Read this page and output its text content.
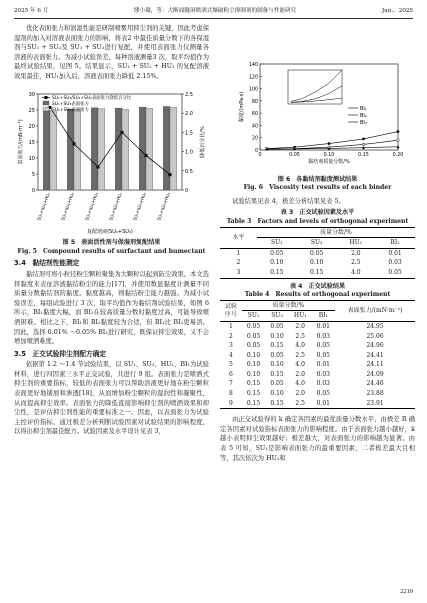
2025 年 6 月	缪小凝，等：大断面隧洞喷洒式爆破粉尘抑制剂的制备与性能研究	Jun.，2025

优化表面张力和润湿性能是研制喷雾用抑尘剂的关键，因此考虑保湿剂的加入对溶液表面张力的影响，将表2 中最佳质量分数下的各保湿剂与SU₁ + SU₂及 SU₁ + SU₃进行复配，并使用表面张力仪测量各溶液的表面张力。为减小试验误差，每种溶液测量3 次，取平均值作为最终试验结果，见图 5。结果显示，SU₁ + SU₂ + HU₁ 的复配溶液效果最佳，HU₁加入后，溶液表面张力降低 2.15%。

30
25
20
15
10
5
0
2.5
2.0
1.5
1.0
0.5
0
表面张力/(mN·m⁻¹)	降低百分比/%
SU₁+SU₂+HU₁ SU₁+SU₂+HU₂ SU₁+SU₂+HU₃ SU₁+SU₃+HU₁ SU₁+SU₃+HU₂ SU₁+SU₃+HU₃
复配溶液(SU₁+SU₃)
SU₁+SU₃/SU₁+SU₂表面张力降低百分比
SU₁+SU₃表面张力
SU₁+SU₂表面张力
图 5　表面活性剂与保湿剂复配结果
Fig. 5　Compound results of surfactant and humectant
3.4　黏结剂性能测定

黏结剂可将小粒径粉尘颗粒聚集为大颗粒以起到防尘效果。本文选择黏度来表征溶液黏结粉尘的能力[17]，并使用数显黏度计测量不同质量分数黏结剂的黏度。黏度越高，则黏结粉尘能力越强。为减小试验误差，每组试验进行 3 次，取平均值作为黏结剂试验结果，如图 6 所示，BI₁黏度大幅，而 BI₂在较高质量分数时黏度过高，可能导致喷洒困难。相比之下，BI₁和 BI₂黏度较为合适，但 BI₁比 BI₂更易溶。因此，选择 0.01% ～0.05% BI₁进行研究，既保证抑尘效果，又不会增加喷洒难度。

3.5　正交试验抑尘剂配方确定

依据第 1.2 ～1.4 节试验结果，以 SU₁、SU₃、HU₁、BI₁为试验材料，进行四因素三水平正交试验，共进行 9 组。表面张力是喷洒式抑尘剂的重要指标，较低的表面张力可以帮助溶液更好地在粉尘颗粒表面更好地铺展和渗透[18]，从而增加粉尘颗粒的湿润性和凝聚性，从而提高抑尘效率。表面张力的降低直接影响抑尘剂的喷洒效果和抑尘性，是评估抑尘剂性能的重要标准之一。因此，以表面张力为试验主控评价指标，通过极差分析判断试验因素对试验结果的影响程度，以得出抑尘剂最佳配方。试验因素及水平设计见表 3，

0
20
40
60
80
100
120
140
0	0.05	0.10	0.15	0.20
黏结剂质量分数/%
黏度/(mPa·s)	BI₁
BI₂
BI₃
图 6　各黏结剂黏度测试结果
Fig. 6　Viscosity test results of each binder

试验结果见表 4，极差分析结果见表 5。

表 3　正交试验因素及水平
Table 3　Factors and levels of orthogonal experiment
水平	质量分数/%			
	SU₁	SU₃	HU₁	BI₁
1	0.05	0.05	2.0	0.01
2	0.10	0.10	2.5	0.03
3	0.15	0.15	4.0	0.05
表 4　正交试验结果
Table 4　Results of orthogonal experiment
试验
序号	质量分数/%				表面张力/(mN·m⁻¹)
	SU₁	SU₃	HU₁	BI₁	
1	0.05	0.05	2.0	0.01	24.95
2	0.05	0.10	2.5	0.03	25.06
3	0.05	0.15	4.0	0.05	24.96
4	0.10	0.05	2.5	0.05	24.41
5	0.10	0.10	4.0	0.01	24.11
6	0.10	0.15	2.0	0.03	24.09
7	0.15	0.05	4.0	0.03	24.46
8	0.15	0.10	2.0	0.05	23.88
9	0.15	0.15	2.5	0.01	23.91

由正交试验得的 k 确定各因素的最优质量分数水平，由极差 R 确定各因素对试验指标表面张力的影响程度。由于表面张力越小越好，k 越小表明抑尘效果越好；极差越大，对表面张力的影响越为显著。由表 5 可知，SU₁是影响表面张力的最重要因素，二者极差最大且相等，其次依次为 HU₁和

2219
